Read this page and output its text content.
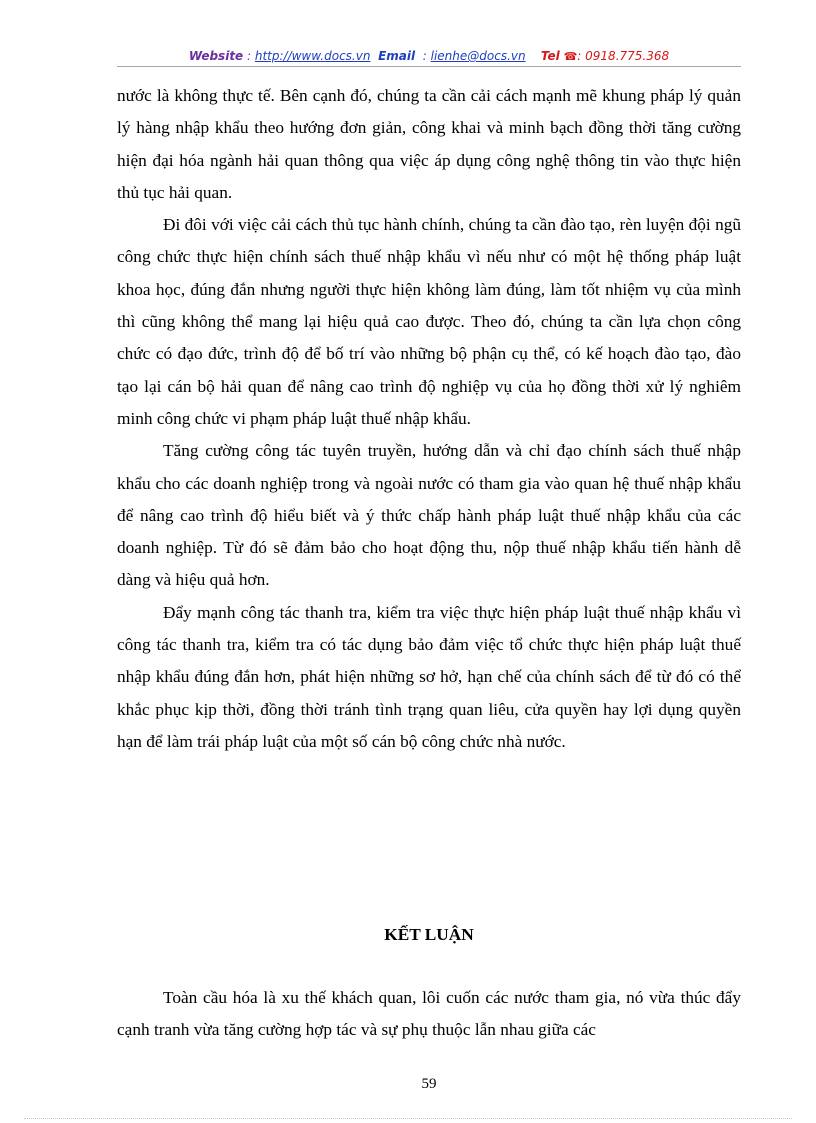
Website : http://www.docs.vn Email  : lienhe@docs.vn Tel ☎: 0918.775.368

nước là không thực tế. Bên cạnh đó, chúng ta cần cải cách mạnh mẽ khung pháp lý quản lý hàng nhập khẩu theo hướng đơn giản, công khai và minh bạch đồng thời tăng cường hiện đại hóa ngành hải quan thông qua việc áp dụng công nghệ thông tin vào thực hiện thủ tục hải quan.

Đi đôi với việc cải cách thủ tục hành chính, chúng ta cần đào tạo, rèn luyện đội ngũ công chức thực hiện chính sách thuế nhập khẩu vì nếu như có một hệ thống pháp luật khoa học, đúng đắn nhưng người thực hiện không làm đúng, làm tốt nhiệm vụ của mình thì cũng không thể mang lại hiệu quả cao được. Theo đó, chúng ta cần lựa chọn công chức có đạo đức, trình độ để bố trí vào những bộ phận cụ thể, có kế hoạch đào tạo, đào tạo lại cán bộ hải quan để nâng cao trình độ nghiệp vụ của họ đồng thời xử lý nghiêm minh công chức vi phạm pháp luật thuế nhập khẩu.

Tăng cường công tác tuyên truyền, hướng dẫn và chỉ đạo chính sách thuế nhập khẩu cho các doanh nghiệp trong và ngoài nước có tham gia vào quan hệ thuế nhập khẩu để nâng cao trình độ hiểu biết và ý thức chấp hành pháp luật thuế nhập khẩu của các doanh nghiệp. Từ đó sẽ đảm bảo cho hoạt động thu, nộp thuế nhập khẩu tiến hành dễ dàng và hiệu quả hơn.

Đẩy mạnh công tác thanh tra, kiểm tra việc thực hiện pháp luật thuế nhập khẩu vì công tác thanh tra, kiểm tra có tác dụng bảo đảm việc tổ chức thực hiện pháp luật thuế nhập khẩu đúng đắn hơn, phát hiện những sơ hở, hạn chế của chính sách để từ đó có thể khắc phục kịp thời, đồng thời tránh tình trạng quan liêu, cửa quyền hay lợi dụng quyền hạn để làm trái pháp luật của một số cán bộ công chức nhà nước.

KẾT LUẬN

Toàn cầu hóa là xu thế khách quan, lôi cuốn các nước tham gia, nó vừa thúc đẩy cạnh tranh vừa tăng cường hợp tác và sự phụ thuộc lẫn nhau giữa các

59
